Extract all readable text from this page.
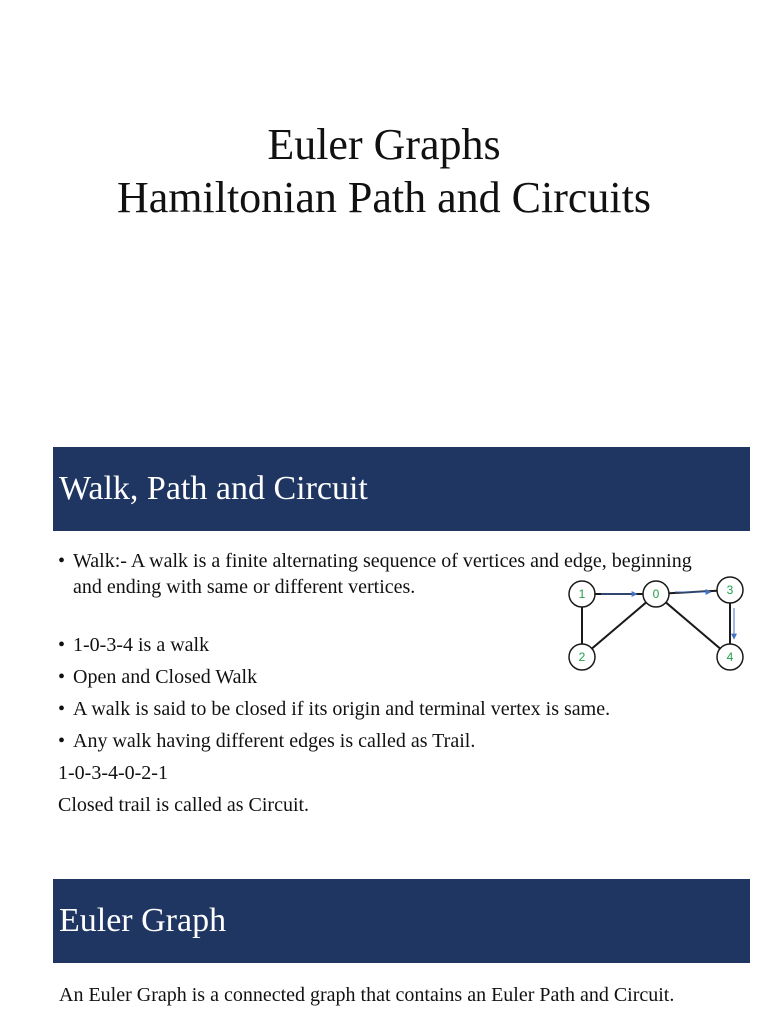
Euler Graphs
Hamiltonian Path and Circuits
Walk, Path and Circuit
• Walk:- A walk is a finite alternating sequence of vertices and edge, beginning
and ending with same or different vertices.
• 1-0-3-4 is a walk
• Open and Closed Walk
• A walk is said to be closed if its origin and terminal vertex is same.
• Any walk having different edges is called as Trail.
1-0-3-4-0-2-1
Closed trail is called as Circuit.
1	0	3
2	4
Euler Graph

An Euler Graph is a connected graph that contains an Euler Path and Circuit.
